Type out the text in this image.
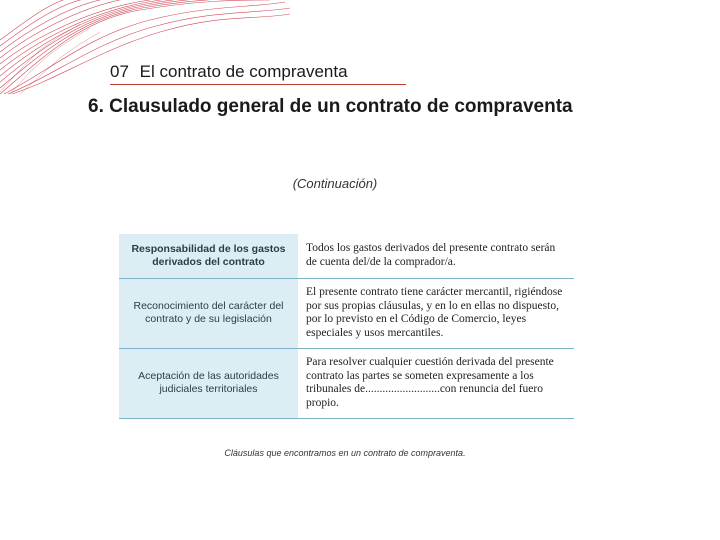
07 El contrato de compraventa
6. Clausulado general de un contrato de compraventa
(Continuación)
Responsabilidad de los gastos derivados del contrato	Todos los gastos derivados del presente contrato serán de cuenta del/de la comprador/a.
Reconocimiento del carácter del contrato y de su legislación	El presente contrato tiene carácter mercantil, rigiéndose por sus propias cláusulas, y en lo en ellas no dispuesto, por lo previsto en el Código de Comercio, leyes especiales y usos mercantiles.
Aceptación de las autoridades judiciales territoriales	Para resolver cualquier cuestión derivada del presente contrato las partes se someten expresamente a los tribunales de..........................con renuncia del fuero propio.
Cláusulas que encontramos en un contrato de compraventa.
